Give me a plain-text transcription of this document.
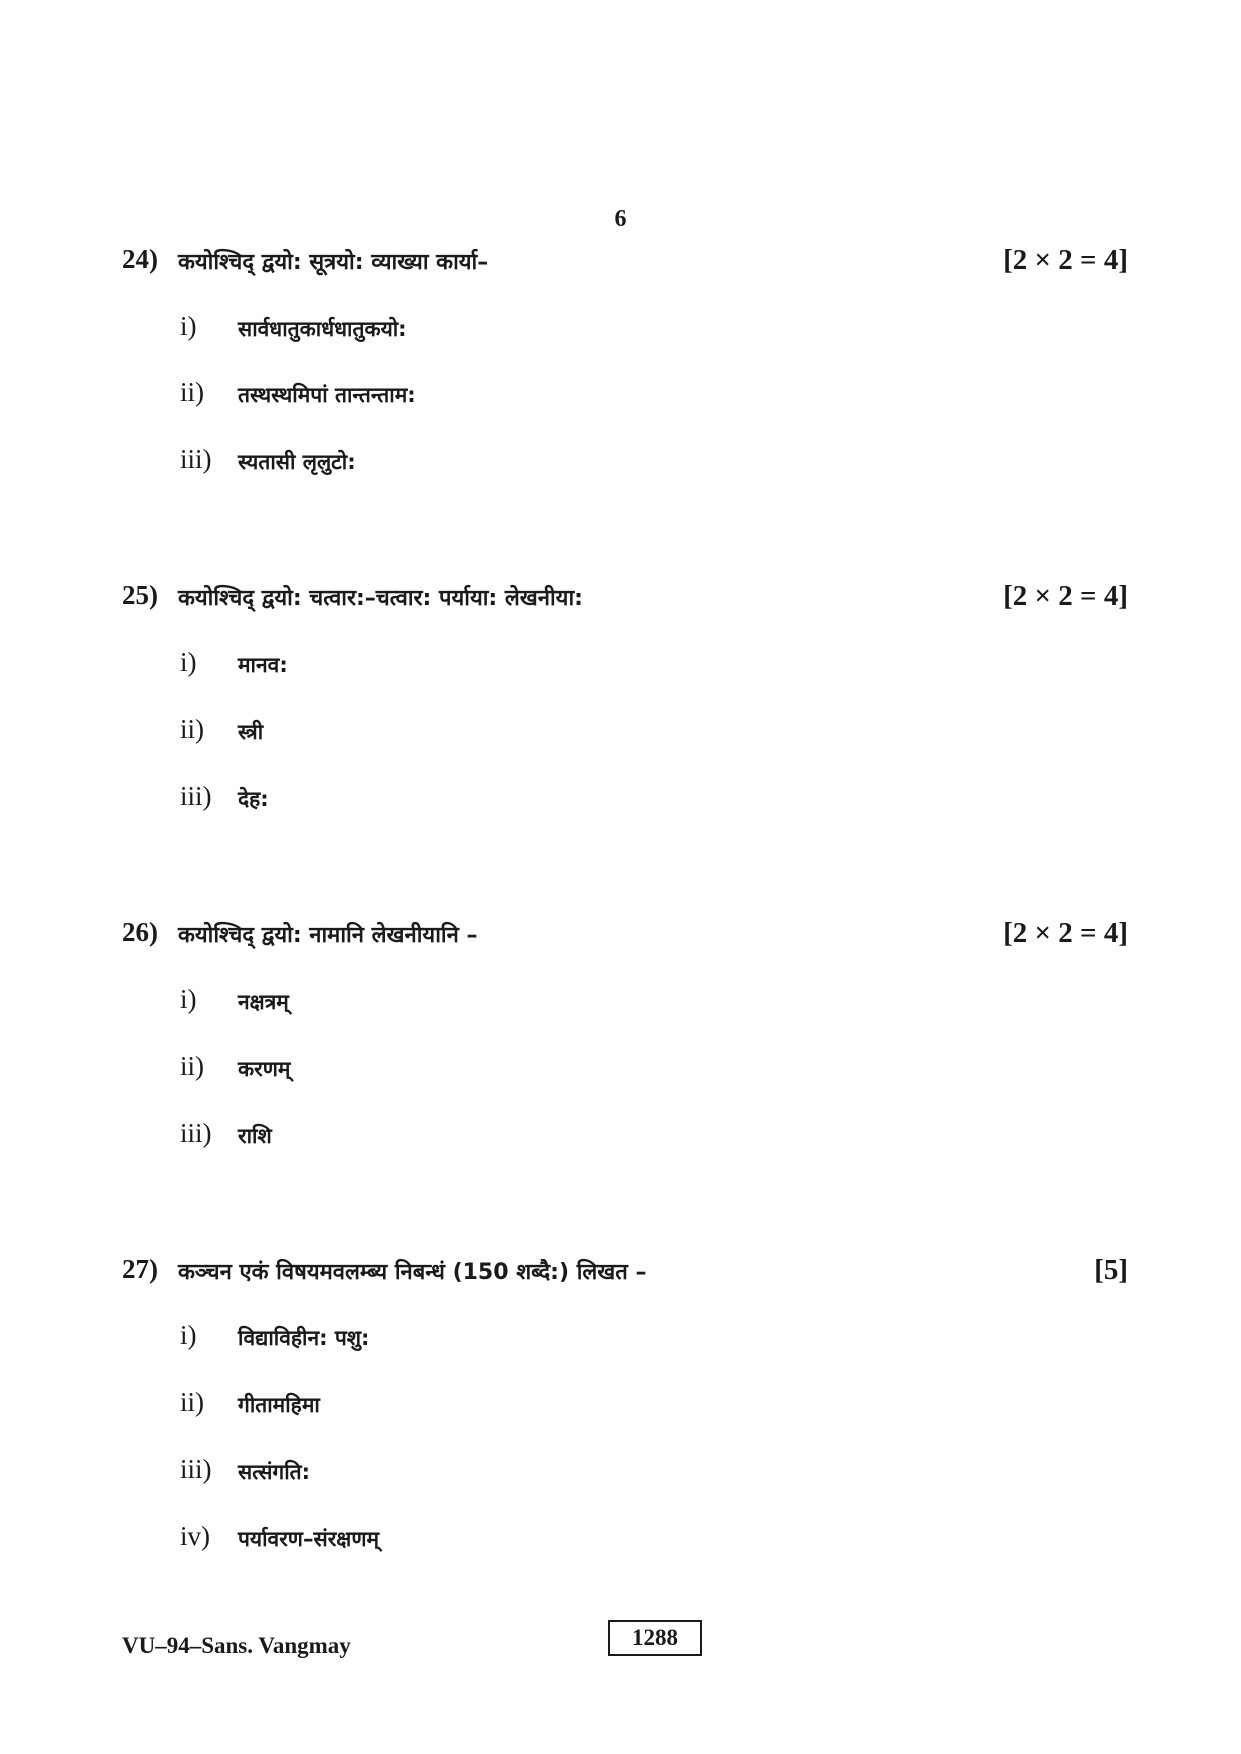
6
24) कयोश्चिद् द्वयो: सूत्रयो: व्याख्या कार्या–	[2 × 2 = 4]
i) सार्वधातुकार्धधातुकयो:
ii) तस्थस्थमिपां तान्तन्ताम:
iii) स्यतासी लृलुटो:
25) कयोश्चिद् द्वयो: चत्वार:–चत्वार: पर्याया: लेखनीया:	[2 × 2 = 4]
i) मानव:
ii) स्त्री
iii) देह:
26) कयोश्चिद् द्वयो: नामानि लेखनीयानि –	[2 × 2 = 4]
i) नक्षत्रम्
ii) करणम्
iii) राशि
27) कञ्चन एकं विषयमवलम्ब्य निबन्धं (150 शब्दै:) लिखत –	[5]
i) विद्याविहीन: पशु:
ii) गीतामहिमा
iii) सत्संगति:
iv) पर्यावरण–संरक्षणम्
VU–94–Sans. Vangmay	1288
